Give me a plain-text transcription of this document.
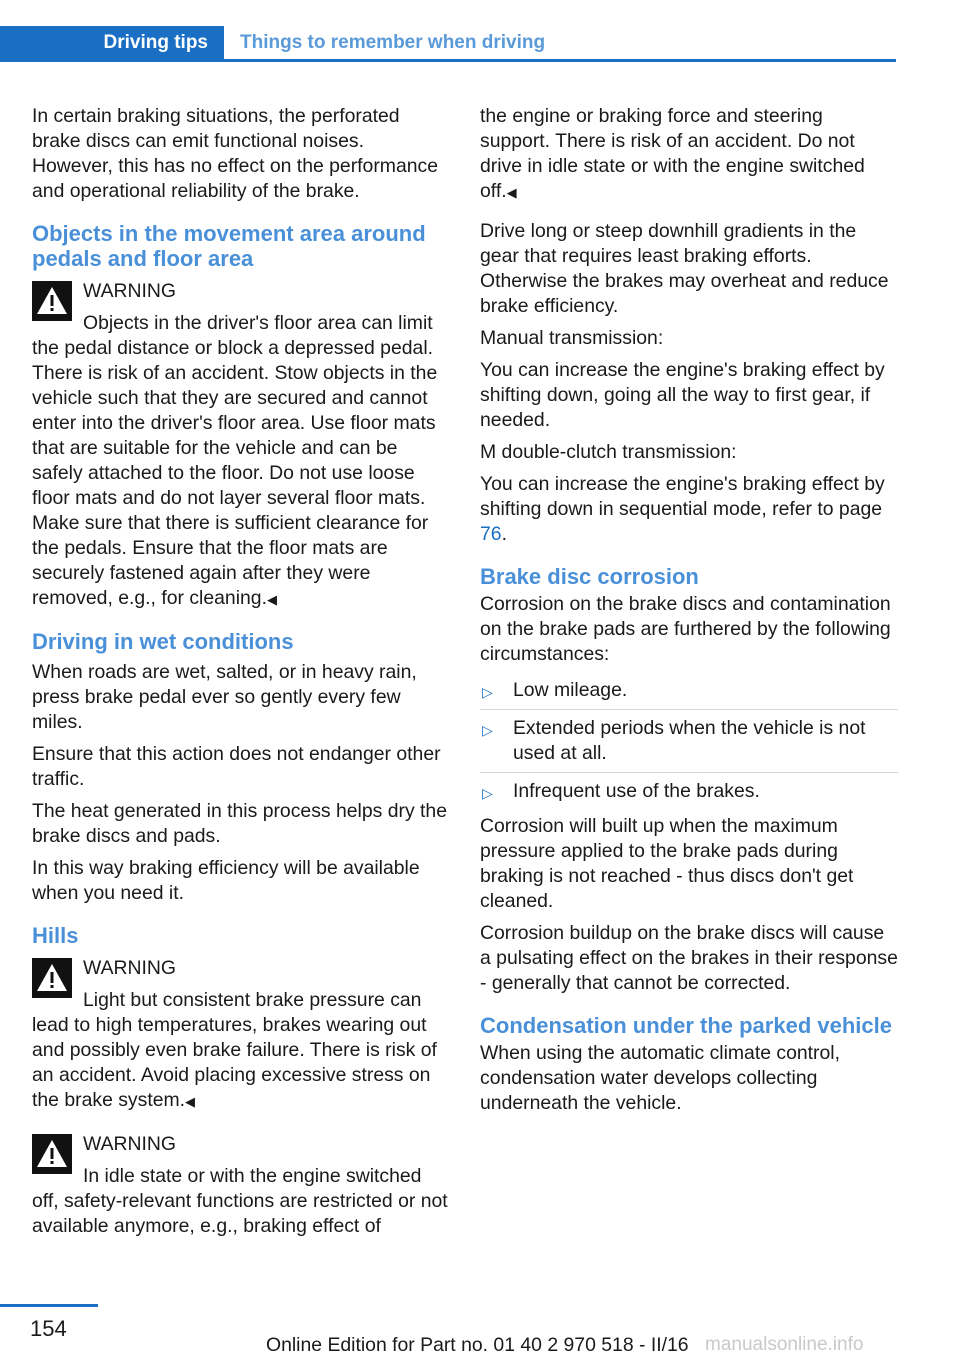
Driving tips	Things to remember when driving

In certain braking situations, the perforated brake discs can emit functional noises. However, this has no effect on the performance and operational reliability of the brake.

Objects in the movement area around pedals and floor area
WARNING
Objects in the driver's floor area can limit the pedal distance or block a depressed pedal. There is risk of an accident. Stow objects in the vehicle such that they are secured and cannot enter into the driver's floor area. Use floor mats that are suitable for the vehicle and can be safely attached to the floor. Do not use loose floor mats and do not layer several floor mats. Make sure that there is sufficient clearance for the pedals. Ensure that the floor mats are securely fastened again after they were removed, e.g., for cleaning.◀
Driving in wet conditions

When roads are wet, salted, or in heavy rain, press brake pedal ever so gently every few miles.

Ensure that this action does not endanger other traffic.

The heat generated in this process helps dry the brake discs and pads.

In this way braking efficiency will be available when you need it.

Hills
WARNING
Light but consistent brake pressure can lead to high temperatures, brakes wearing out and possibly even brake failure. There is risk of an accident. Avoid placing excessive stress on the brake system.◀
WARNING
In idle state or with the engine switched off, safety-relevant functions are restricted or not available anymore, e.g., braking effect of

the engine or braking force and steering support. There is risk of an accident. Do not drive in idle state or with the engine switched off.◀

Drive long or steep downhill gradients in the gear that requires least braking efforts. Otherwise the brakes may overheat and reduce brake efficiency.

Manual transmission:

You can increase the engine's braking effect by shifting down, going all the way to first gear, if needed.

M double-clutch transmission:

You can increase the engine's braking effect by shifting down in sequential mode, refer to page 76.

Brake disc corrosion

Corrosion on the brake discs and contamination on the brake pads are furthered by the following circumstances:

▷ Low mileage.
▷ Extended periods when the vehicle is not used at all.
▷ Infrequent use of the brakes.

Corrosion will built up when the maximum pressure applied to the brake pads during braking is not reached - thus discs don't get cleaned.

Corrosion buildup on the brake discs will cause a pulsating effect on the brakes in their response - generally that cannot be corrected.

Condensation under the parked vehicle

When using the automatic climate control, condensation water develops collecting underneath the vehicle.

154
Online Edition for Part no. 01 40 2 970 518 - II/16 manualsonline.info
